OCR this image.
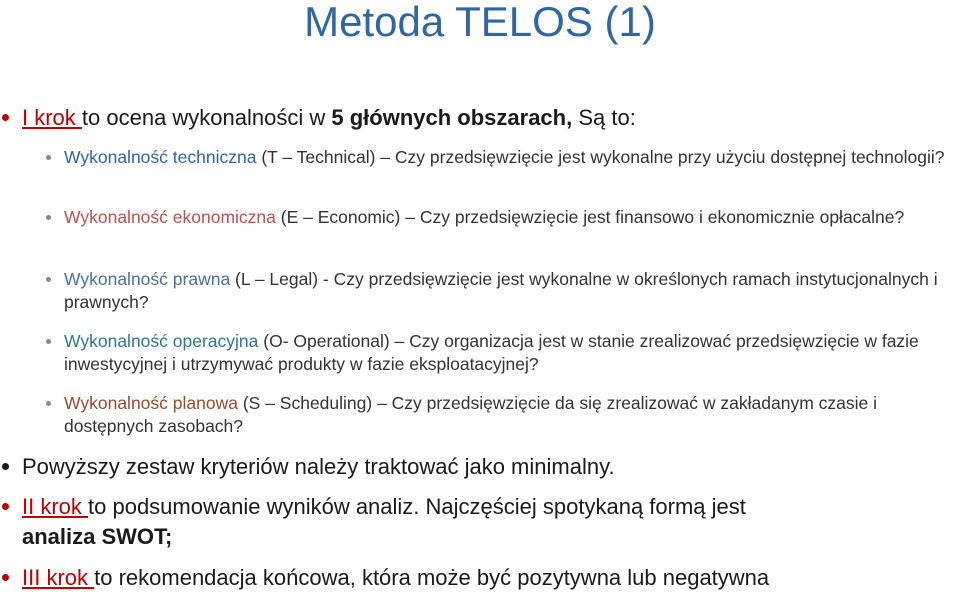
Metoda TELOS (1)
I krok to ocena wykonalności w 5 głównych obszarach, Są to:
Wykonalność techniczna (T – Technical) – Czy przedsięwzięcie jest wykonalne przy użyciu dostępnej technologii?
Wykonalność ekonomiczna (E – Economic) – Czy przedsięwzięcie jest finansowo i ekonomicznie opłacalne?
Wykonalność prawna (L – Legal) - Czy przedsięwzięcie jest wykonalne w określonych ramach instytucjonalnych i prawnych?
Wykonalność operacyjna (O- Operational) – Czy organizacja jest w stanie zrealizować przedsięwzięcie w fazie inwestycyjnej i utrzymywać produkty w fazie eksploatacyjnej?
Wykonalność planowa (S – Scheduling) – Czy przedsięwzięcie da się zrealizować w zakładanym czasie i dostępnych zasobach?
Powyższy zestaw kryteriów należy traktować jako minimalny.
II krok to podsumowanie wyników analiz. Najczęściej spotykaną formą jest
analiza SWOT;
III krok to rekomendacja końcowa, która może być pozytywna lub negatywna
